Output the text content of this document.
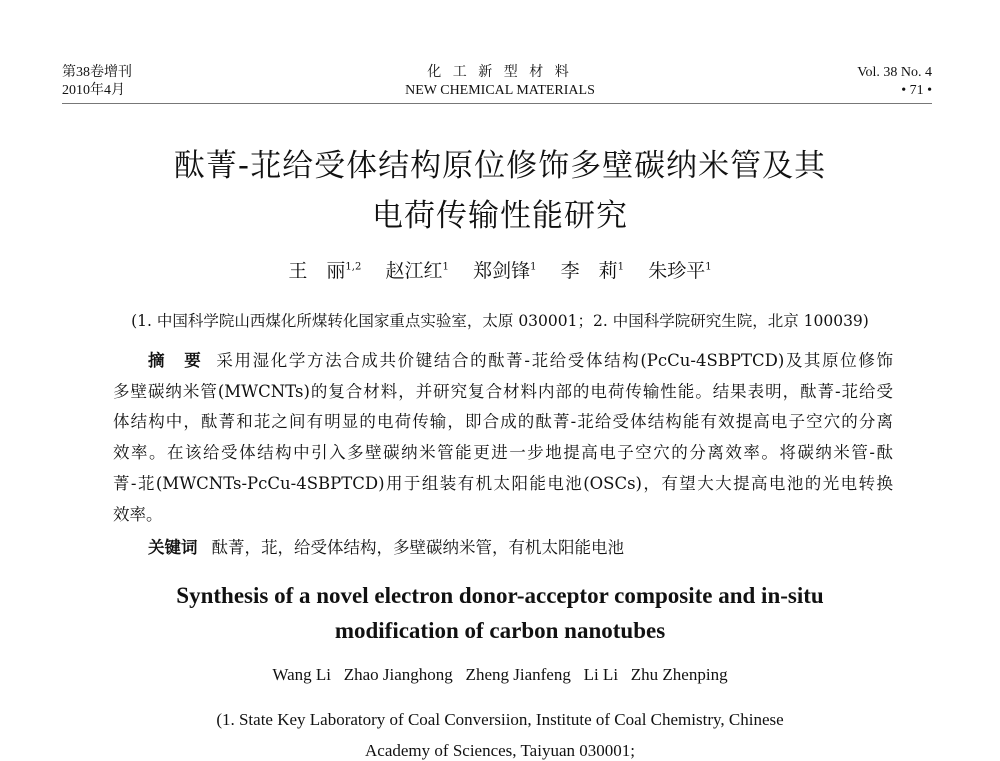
第38卷增刊
2010年4月
化 工 新 型 材 料
NEW CHEMICAL MATERIALS
Vol. 38 No. 4
• 71 •
酞菁-苝给受体结构原位修饰多壁碳纳米管及其
电荷传输性能研究
王　丽$^{1,2}$ 赵江红$^1$ 郑剑锋$^1$ 李　莉$^1$ 朱珍平$^1$
(1. 中国科学院山西煤化所煤转化国家重点实验室，太原 030001；2. 中国科学院研究生院，北京 100039)
摘　要 采用湿化学方法合成共价键结合的酞菁-苝给受体结构(PcCu-4SBPTCD)及其原位修饰
多壁碳纳米管(MWCNTs)的复合材料，并研究复合材料内部的电荷传输性能。结果表明，酞菁-苝给受
体结构中，酞菁和苝之间有明显的电荷传输，即合成的酞菁-苝给受体结构能有效提高电子空穴的分离
效率。在该给受体结构中引入多壁碳纳米管能更进一步地提高电子空穴的分离效率。将碳纳米管-酞
菁-苝(MWCNTs-PcCu-4SBPTCD)用于组装有机太阳能电池(OSCs)，有望大大提高电池的光电转换
效率。
关键词 酞菁，苝，给受体结构，多壁碳纳米管，有机太阳能电池
Synthesis of a novel electron donor-acceptor composite and in-situ
modification of carbon nanotubes
Wang Li   Zhao Jianghong   Zheng Jianfeng   Li Li   Zhu Zhenping
(1. State Key Laboratory of Coal Conversiion, Institute of Coal Chemistry, Chinese
Academy of Sciences, Taiyuan 030001;
